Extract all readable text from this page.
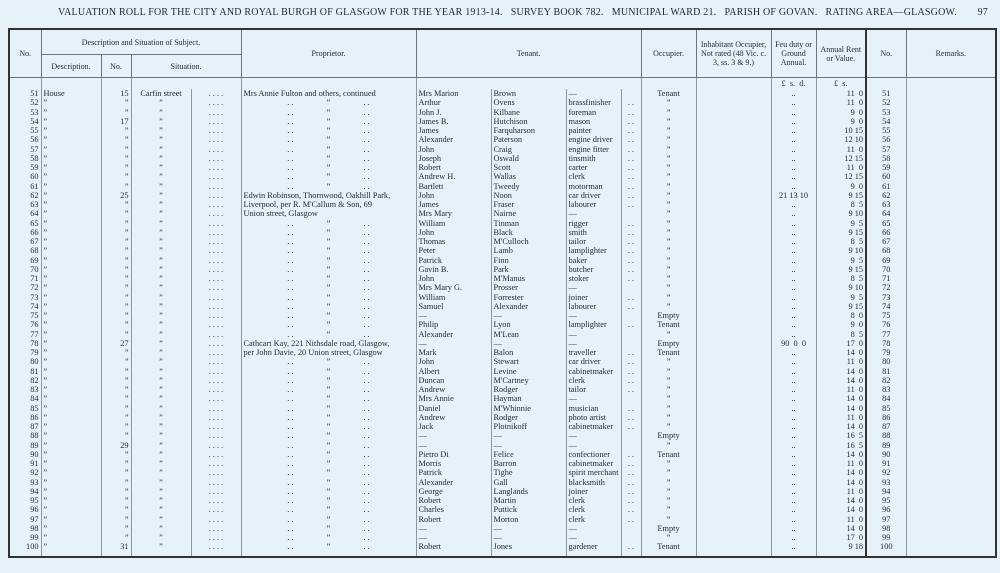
VALUATION ROLL FOR THE CITY AND ROYAL BURGH OF GLASGOW FOR THE YEAR 1913-14.   SURVEY BOOK 782.   MUNICIPAL WARD 21.   PARISH OF GOVAN.   RATING AREA—GLASGOW. 97
No.	Description and Situation of Subject.				Proprietor.	Tenant.				Occupier.	Inhabitant Occupier, Not rated (48 Vic. c. 3, ss. 3 & 9.)	Feu duty or Ground Annual.	Annual Rent or Value.	No.	Remarks.
	Description.	No.	Situation.												
												£  s.  d.	£  s.		
51	House	15	Carfin street	. . . .	Mrs Annie Fulton and others, continued	Mrs Marion	Brown	—		Tenant		..	11  0	51	
52	”	”	”	. . . .	. .                ”                . .	Arthur	Ovens	brassfinisher	. .	”		..	11  0	52	
53	”	”	”	. . . .	. .                ”                . .	John J.	Kilbane	foreman	. .	”		..	9  0	53	
54	”	17	”	. . . .	. .                ”                . .	James B.	Hutchison	mason	. .	”		..	9  0	54	
55	”	”	”	. . . .	. .                ”                . .	James	Farquharson	painter	. .	”		..	10 15	55	
56	”	”	”	. . . .	. .                ”                . .	Alexander	Paterson	engine driver	. .	”		..	12 10	56	
57	”	”	”	. . . .	. .                ”                . .	John	Craig	engine fitter	. .	”		..	11  0	57	
58	”	”	”	. . . .	. .                ”                . .	Joseph	Oswald	tinsmith	. .	”		..	12 15	58	
59	”	”	”	. . . .	. .                ”                . .	Robert	Scott	carter	. .	”		..	11  0	59	
60	”	”	”	. . . .	. .                ”                . .	Andrew H.	Wallas	clerk	. .	”		..	12 15	60	
61	”	”	”	. . . .	. .                ”                . .	Bartlett	Tweedy	motorman	. .	”		..	9  0	61	
62	”	25	”	. . . .	Edwin Robinson, Thornwood, Oakhill Park,	John	Noon	car driver	. .	”		21 13 10	9 15	62	
63	”	”	”	. . . .	Liverpool, per R. M'Callum & Son, 69	James	Fraser	labourer	. .	”		..	8  5	63	
64	”	”	”	. . . .	Union street, Glasgow	Mrs Mary	Nairne	—		”		..	9 10	64	
65	”	”	”	. . . .	. .                ”                . .	William	Tinman	rigger	. .	”		..	9  5	65	
66	”	”	”	. . . .	. .                ”                . .	John	Black	smith	. .	”		..	9 15	66	
67	”	”	”	. . . .	. .                ”                . .	Thomas	M'Culloch	tailor	. .	”		..	8  5	67	
68	”	”	”	. . . .	. .                ”                . .	Peter	Lamb	lamplighter	. .	”		..	9 10	68	
69	”	”	”	. . . .	. .                ”                . .	Patrick	Finn	baker	. .	”		..	9  5	69	
70	”	”	”	. . . .	. .                ”                . .	Gavin B.	Park	butcher	. .	”		..	9 15	70	
71	”	”	”	. . . .	. .                ”                . .	John	M'Manus	stoker	. .	”		..	8  5	71	
72	”	”	”	. . . .	. .                ”                . .	Mrs Mary G.	Prosser	—		”		..	9 10	72	
73	”	”	”	. . . .	. .                ”                . .	William	Forrester	joiner	. .	”		..	9  5	73	
74	”	”	”	. . . .	. .                ”                . .	Samuel	Alexander	labourer	. .	”		..	9 15	74	
75	”	”	”	. . . .	. .                ”                . .	—	—	—		Empty		..	8  0	75	
76	”	”	”	. . . .	. .                ”                . .	Philip	Lyon	lamplighter	. .	Tenant		..	9  0	76	
77	”	”	”	. . . .	. .                ”                . .	Alexander	M'Lean	—		”		..	8  5	77	
78	”	27	”	. . . .	Cathcart Kay, 221 Nithsdale road, Glasgow,	—	—	—		Empty		90  0  0	17  0	78	
79	”	”	”	. . . .	per John Davie, 20 Union street, Glasgow	Mark	Balon	traveller	. .	Tenant		..	14  0	79	
80	”	”	”	. . . .	. .                ”                . .	John	Stewart	car driver	. .	”		..	11  0	80	
81	”	”	”	. . . .	. .                ”                . .	Albert	Levine	cabinetmaker	. .	”		..	14  0	81	
82	”	”	”	. . . .	. .                ”                . .	Duncan	M'Cartney	clerk	. .	”		..	14  0	82	
83	”	”	”	. . . .	. .                ”                . .	Andrew	Rodger	tailor	. .	”		..	11  0	83	
84	”	”	”	. . . .	. .                ”                . .	Mrs Annie	Hayman	—		”		..	14  0	84	
85	”	”	”	. . . .	. .                ”                . .	Daniel	M'Whinnie	musician	. .	”		..	14  0	85	
86	”	”	”	. . . .	. .                ”                . .	Andrew	Rodger	photo artist	. .	”		..	11  0	86	
87	”	”	”	. . . .	. .                ”                . .	Jack	Plotnikoff	cabinetmaker	. .	”		..	14  0	87	
88	”	”	”	. . . .	. .                ”                . .	—	—	—		Empty		..	16  5	88	
89	”	29	”	. . . .	. .                ”                . .	—	—	—		”		..	16  5	89	
90	”	”	”	. . . .	. .                ”                . .	Pietro Di	Felice	confectioner	. .	Tenant		..	14  0	90	
91	”	”	”	. . . .	. .                ”                . .	Morris	Barron	cabinetmaker	. .	”		..	11  0	91	
92	”	”	”	. . . .	. .                ”                . .	Patrick	Tighe	spirit merchant	. .	”		..	14  0	92	
93	”	”	”	. . . .	. .                ”                . .	Alexander	Gall	blacksmith	. .	”		..	14  0	93	
94	”	”	”	. . . .	. .                ”                . .	George	Langlands	joiner	. .	”		..	11  0	94	
95	”	”	”	. . . .	. .                ”                . .	Robert	Martin	clerk	. .	”		..	14  0	95	
96	”	”	”	. . . .	. .                ”                . .	Charles	Puttick	clerk	. .	”		..	14  0	96	
97	”	”	”	. . . .	. .                ”                . .	Robert	Morton	clerk	. .	”		..	11  0	97	
98	”	”	”	. . . .	. .                ”                . .	—	—	—		Empty		..	14  0	98	
99	”	”	”	. . . .	. .                ”                . .	—	—	—		”		..	17  0	99	
100	”	31	”	. . . .	. .                ”                . .	Robert	Jones	gardener	. .	Tenant		..	9 18	100	
